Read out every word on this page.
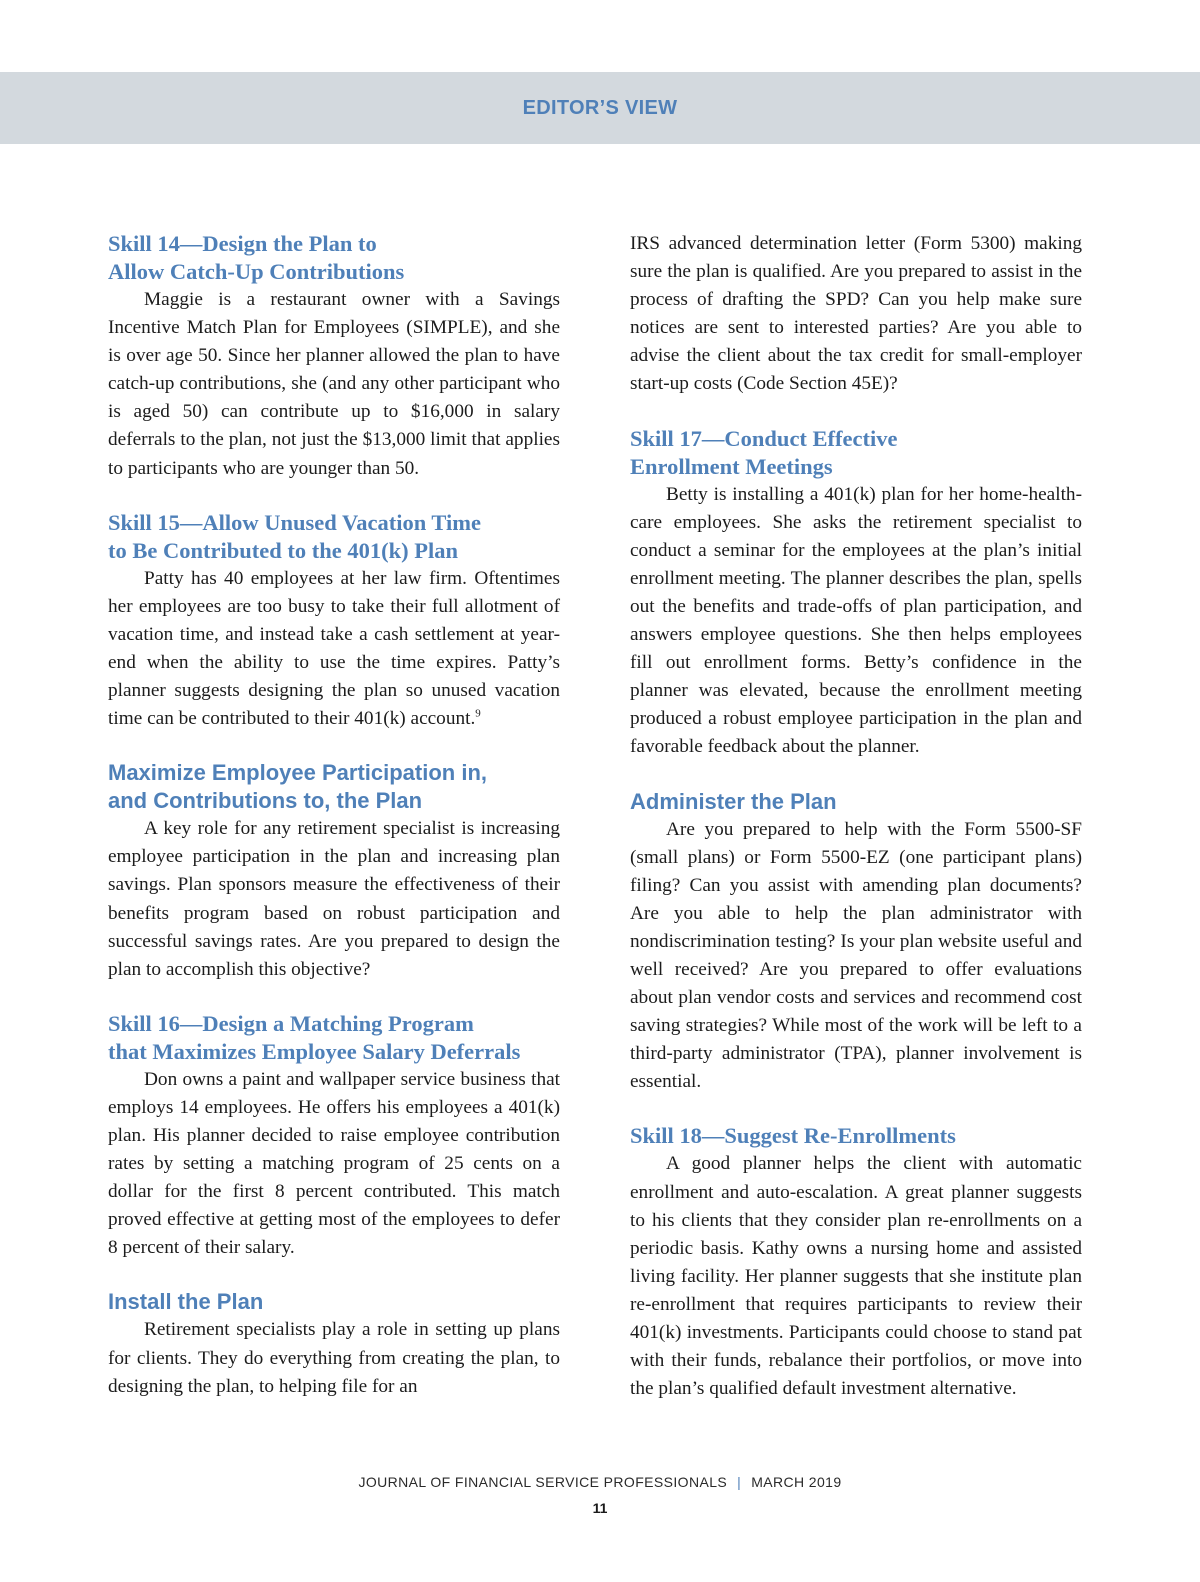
EDITOR’S VIEW
Skill 14—Design the Plan to
Allow Catch-Up Contributions

Maggie is a restaurant owner with a Savings Incentive Match Plan for Employees (SIMPLE), and she is over age 50. Since her planner allowed the plan to have catch-up contributions, she (and any other participant who is aged 50) can contribute up to $16,000 in salary deferrals to the plan, not just the $13,000 limit that applies to participants who are younger than 50.

Skill 15—Allow Unused Vacation Time
to Be Contributed to the 401(k) Plan

Patty has 40 employees at her law firm. Oftentimes her employees are too busy to take their full allotment of vacation time, and instead take a cash settlement at year-end when the ability to use the time expires. Patty’s planner suggests designing the plan so unused vacation time can be contributed to their 401(k) account.$^9$

Maximize Employee Participation in,
and Contributions to, the Plan

A key role for any retirement specialist is increasing employee participation in the plan and increasing plan savings. Plan sponsors measure the effectiveness of their benefits program based on robust participation and successful savings rates. Are you prepared to design the plan to accomplish this objective?

Skill 16—Design a Matching Program
that Maximizes Employee Salary Deferrals

Don owns a paint and wallpaper service business that employs 14 employees. He offers his employees a 401(k) plan. His planner decided to raise employee contribution rates by setting a matching program of 25 cents on a dollar for the first 8 percent contributed. This match proved effective at getting most of the employees to defer 8 percent of their salary.

Install the Plan

Retirement specialists play a role in setting up plans for clients. They do everything from creating the plan, to designing the plan, to helping file for an

IRS advanced determination letter (Form 5300) making sure the plan is qualified. Are you prepared to assist in the process of drafting the SPD? Can you help make sure notices are sent to interested parties? Are you able to advise the client about the tax credit for small-employer start-up costs (Code Section 45E)?

Skill 17—Conduct Effective
Enrollment Meetings

Betty is installing a 401(k) plan for her home-health-care employees. She asks the retirement specialist to conduct a seminar for the employees at the plan’s initial enrollment meeting. The planner describes the plan, spells out the benefits and trade-offs of plan participation, and answers employee questions. She then helps employees fill out enrollment forms. Betty’s confidence in the planner was elevated, because the enrollment meeting produced a robust employee participation in the plan and favorable feedback about the planner.

Administer the Plan

Are you prepared to help with the Form 5500-SF (small plans) or Form 5500-EZ (one participant plans) filing? Can you assist with amending plan documents? Are you able to help the plan administrator with nondiscrimination testing? Is your plan website useful and well received? Are you prepared to offer evaluations about plan vendor costs and services and recommend cost saving strategies? While most of the work will be left to a third-party administrator (TPA), planner involvement is essential.

Skill 18—Suggest Re-Enrollments

A good planner helps the client with automatic enrollment and auto-escalation. A great planner suggests to his clients that they consider plan re-enrollments on a periodic basis. Kathy owns a nursing home and assisted living facility. Her planner suggests that she institute plan re-enrollment that requires participants to review their 401(k) investments. Participants could choose to stand pat with their funds, rebalance their portfolios, or move into the plan’s qualified default investment alternative.

JOURNAL OF FINANCIAL SERVICE PROFESSIONALS | MARCH 2019
11
